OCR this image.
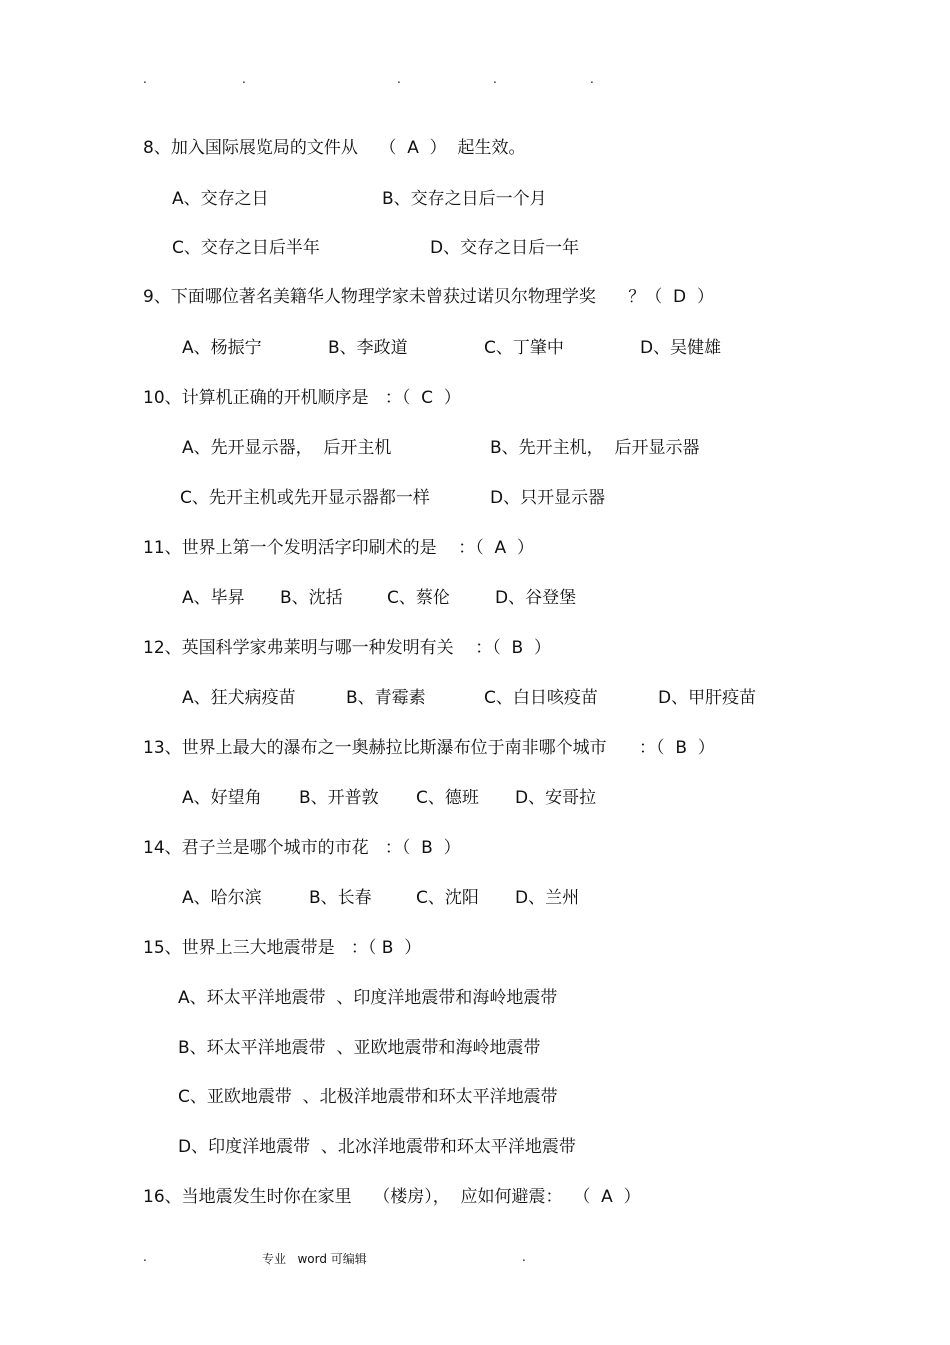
.	.	.	.	.
8、加入国际展览局的文件从    （  A  ）  起生效。
A、交存之日	B、交存之日后一个月
C、交存之日后半年	D、交存之日后一年
9、下面哪位著名美籍华人物理学家未曾获过诺贝尔物理学奖      ？（  D  ）
A、杨振宁	B、李政道	C、丁肇中	D、吴健雄
10、计算机正确的开机顺序是   ：（  C  ）
A、先开显示器，  后开主机	B、先开主机，  后开显示器
C、先开主机或先开显示器都一样	D、只开显示器
11、世界上第一个发明活字印刷术的是    ：（  A  ）
A、毕昇 B、沈括	C、蔡伦	D、谷登堡
12、英国科学家弗莱明与哪一种发明有关    ：（  B  ）
A、狂犬病疫苗	B、青霉素	C、白日咳疫苗	D、甲肝疫苗
13、世界上最大的瀑布之一奥赫拉比斯瀑布位于南非哪个城市      ：（  B  ）
A、好望角 B、开普敦 C、德班 D、安哥拉
14、君子兰是哪个城市的市花   ：（  B  ）
A、哈尔滨	B、长春	C、沈阳 D、兰州
15、世界上三大地震带是   ：（ B  ）
A、环太平洋地震带  、印度洋地震带和海岭地震带
B、环太平洋地震带  、亚欧地震带和海岭地震带
C、亚欧地震带  、北极洋地震带和环太平洋地震带
D、印度洋地震带  、北冰洋地震带和环太平洋地震带
16、当地震发生时你在家里    （楼房），  应如何避震：  （  A  ）
.	专业   word 可编辑	.
